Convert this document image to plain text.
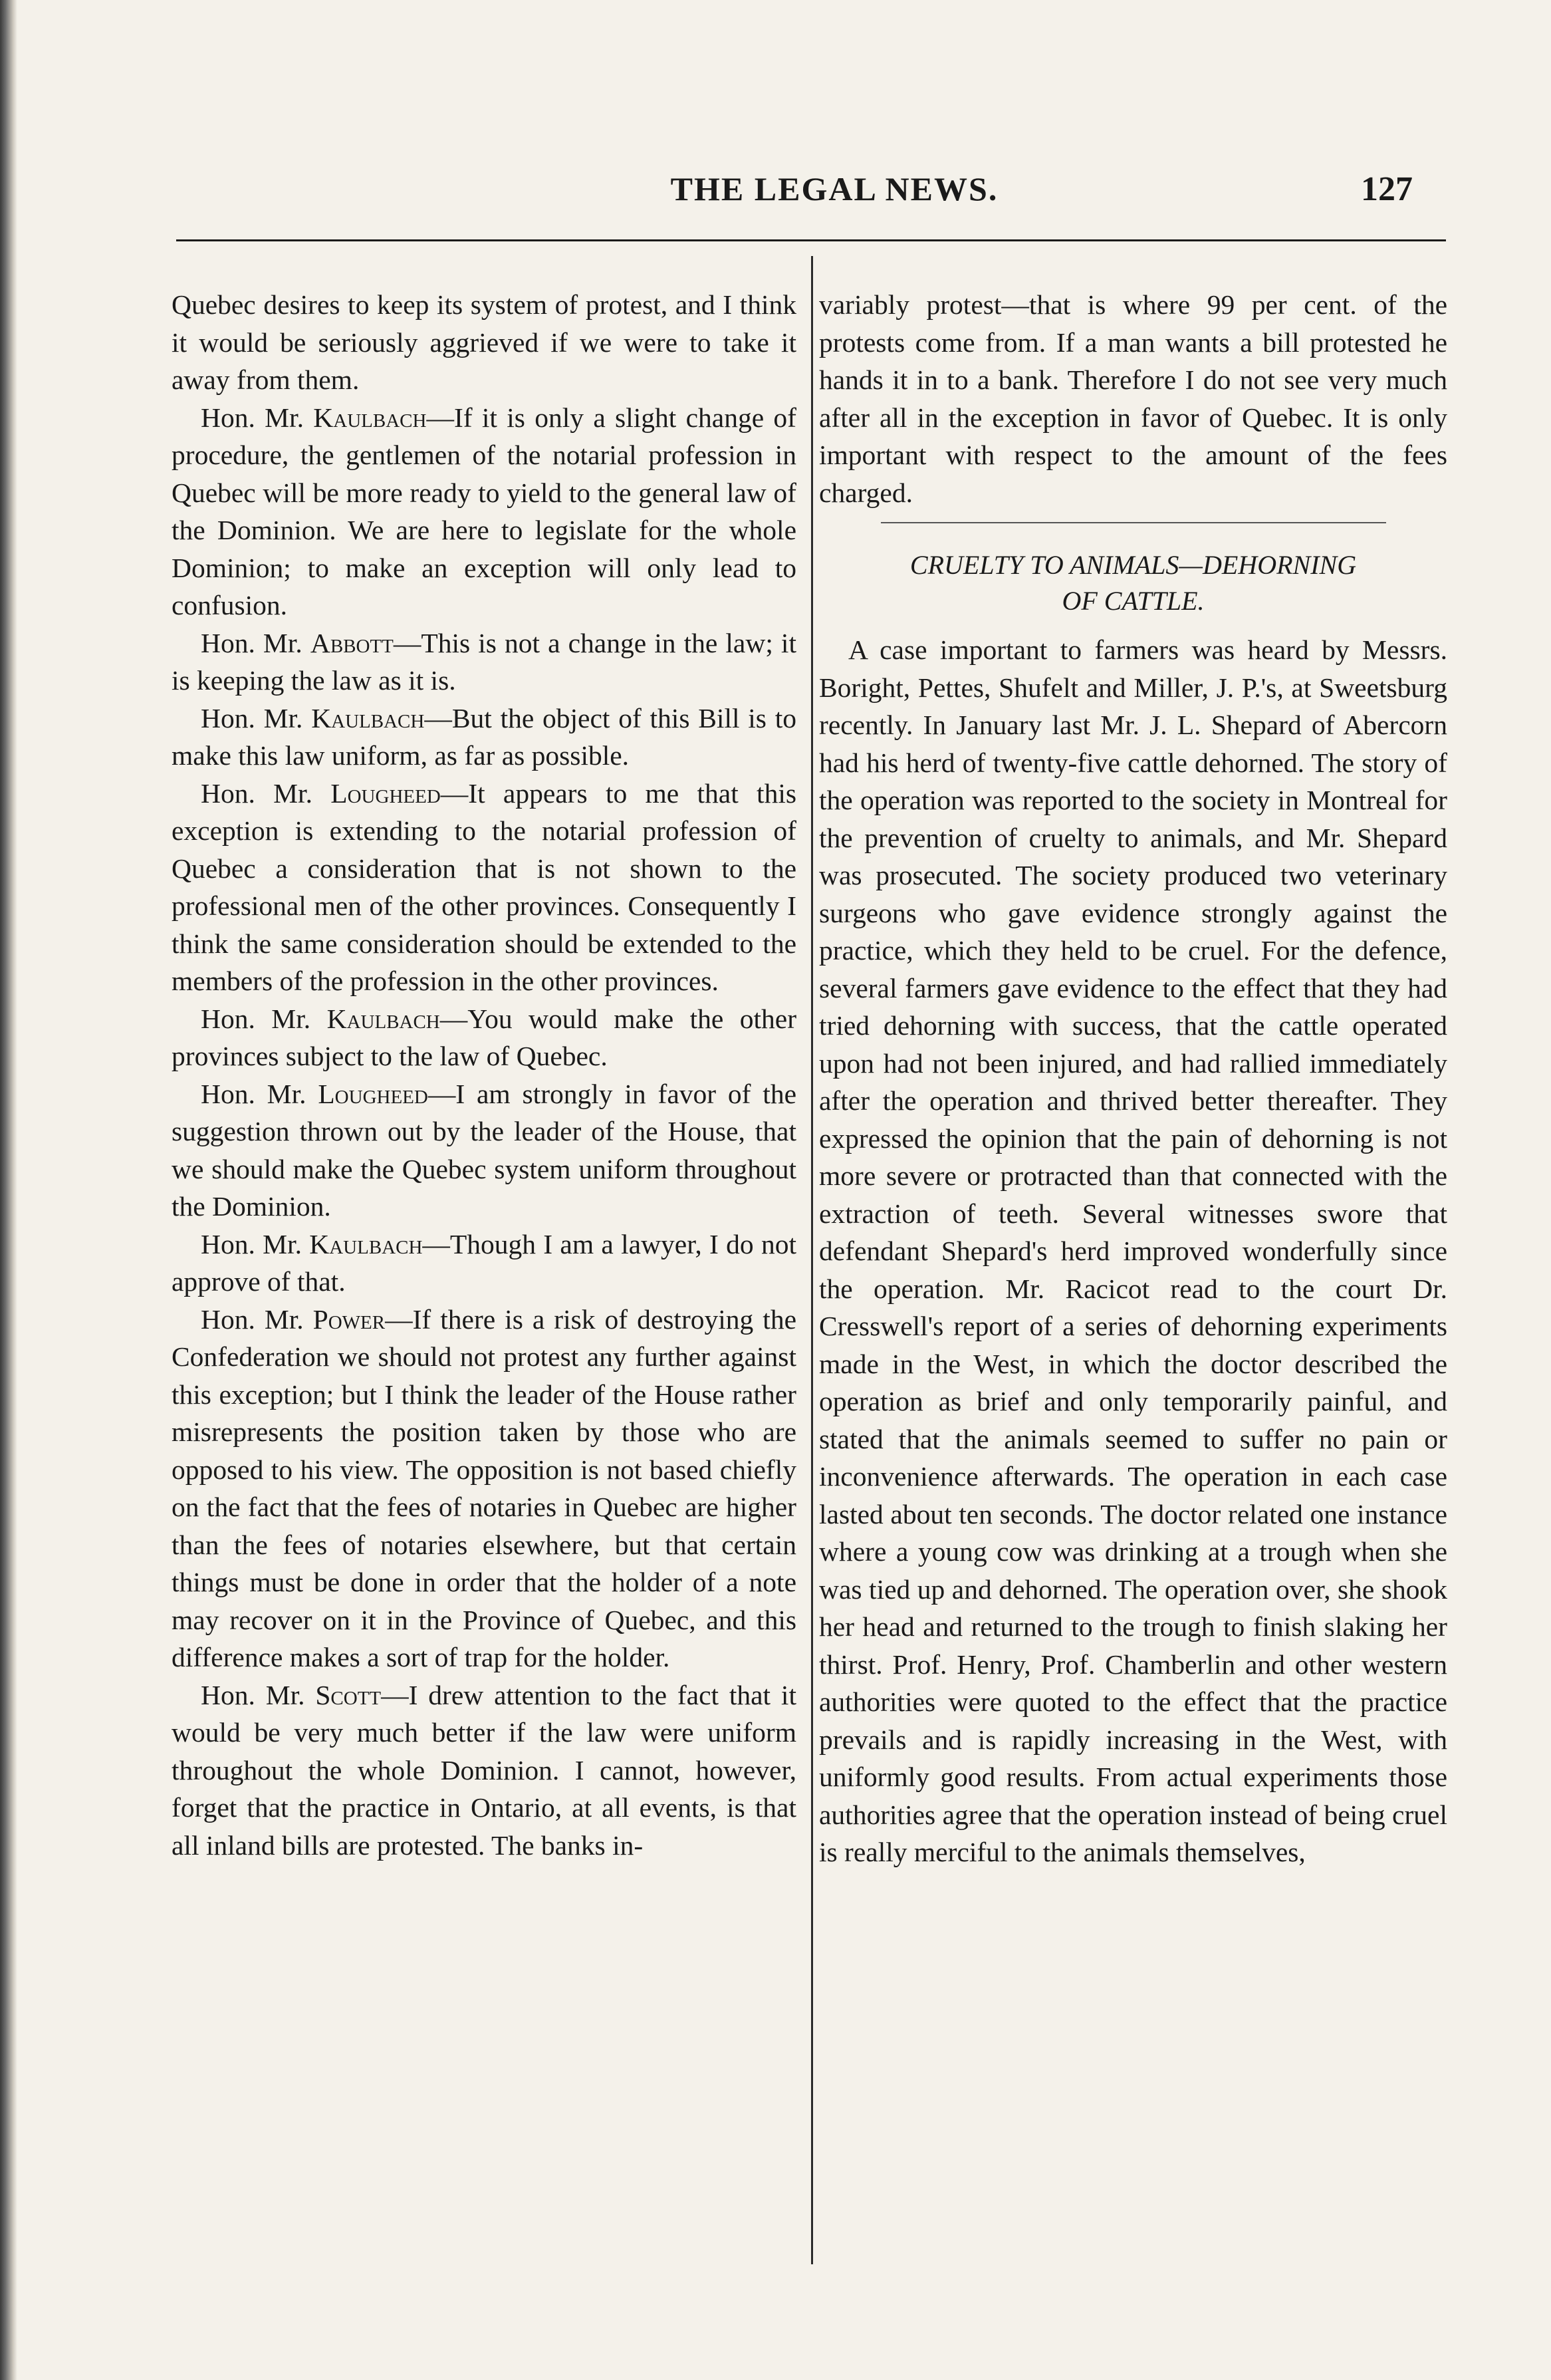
THE LEGAL NEWS.	127

Quebec desires to keep its system of protest, and I think it would be seriously aggrieved if we were to take it away from them.

Hon. Mr. Kaulbach—If it is only a slight change of procedure, the gentlemen of the notarial profession in Quebec will be more ready to yield to the general law of the Dominion. We are here to legislate for the whole Dominion; to make an exception will only lead to confusion.

Hon. Mr. Abbott—This is not a change in the law; it is keeping the law as it is.

Hon. Mr. Kaulbach—But the object of this Bill is to make this law uniform, as far as possible.

Hon. Mr. Lougheed—It appears to me that this exception is extending to the notarial profession of Quebec a consideration that is not shown to the professional men of the other provinces. Consequently I think the same consideration should be extended to the members of the profession in the other provinces.

Hon. Mr. Kaulbach—You would make the other provinces subject to the law of Quebec.

Hon. Mr. Lougheed—I am strongly in favor of the suggestion thrown out by the leader of the House, that we should make the Quebec system uniform throughout the Dominion.

Hon. Mr. Kaulbach—Though I am a lawyer, I do not approve of that.

Hon. Mr. Power—If there is a risk of destroying the Confederation we should not protest any further against this exception; but I think the leader of the House rather misrepresents the position taken by those who are opposed to his view. The opposition is not based chiefly on the fact that the fees of notaries in Quebec are higher than the fees of notaries elsewhere, but that certain things must be done in order that the holder of a note may recover on it in the Province of Quebec, and this difference makes a sort of trap for the holder.

Hon. Mr. Scott—I drew attention to the fact that it would be very much better if the law were uniform throughout the whole Dominion. I cannot, however, forget that the practice in Ontario, at all events, is that all inland bills are protested. The banks in-

variably protest—that is where 99 per cent. of the protests come from. If a man wants a bill protested he hands it in to a bank. Therefore I do not see very much after all in the exception in favor of Quebec. It is only important with respect to the amount of the fees charged.

CRUELTY TO ANIMALS—DEHORNING
OF CATTLE.

A case important to farmers was heard by Messrs. Boright, Pettes, Shufelt and Miller, J. P.'s, at Sweetsburg recently. In January last Mr. J. L. Shepard of Abercorn had his herd of twenty-five cattle dehorned. The story of the operation was reported to the society in Montreal for the prevention of cruelty to animals, and Mr. Shepard was prosecuted. The society produced two veterinary surgeons who gave evidence strongly against the practice, which they held to be cruel. For the defence, several farmers gave evidence to the effect that they had tried dehorning with success, that the cattle operated upon had not been injured, and had rallied immediately after the operation and thrived better thereafter. They expressed the opinion that the pain of dehorning is not more severe or protracted than that connected with the extraction of teeth. Several witnesses swore that defendant Shepard's herd improved wonderfully since the operation. Mr. Racicot read to the court Dr. Cresswell's report of a series of dehorning experiments made in the West, in which the doctor described the operation as brief and only temporarily painful, and stated that the animals seemed to suffer no pain or inconvenience afterwards. The operation in each case lasted about ten seconds. The doctor related one instance where a young cow was drinking at a trough when she was tied up and dehorned. The operation over, she shook her head and returned to the trough to finish slaking her thirst. Prof. Henry, Prof. Chamberlin and other western authorities were quoted to the effect that the practice prevails and is rapidly increasing in the West, with uniformly good results. From actual experiments those authorities agree that the operation instead of being cruel is really merciful to the animals themselves,
